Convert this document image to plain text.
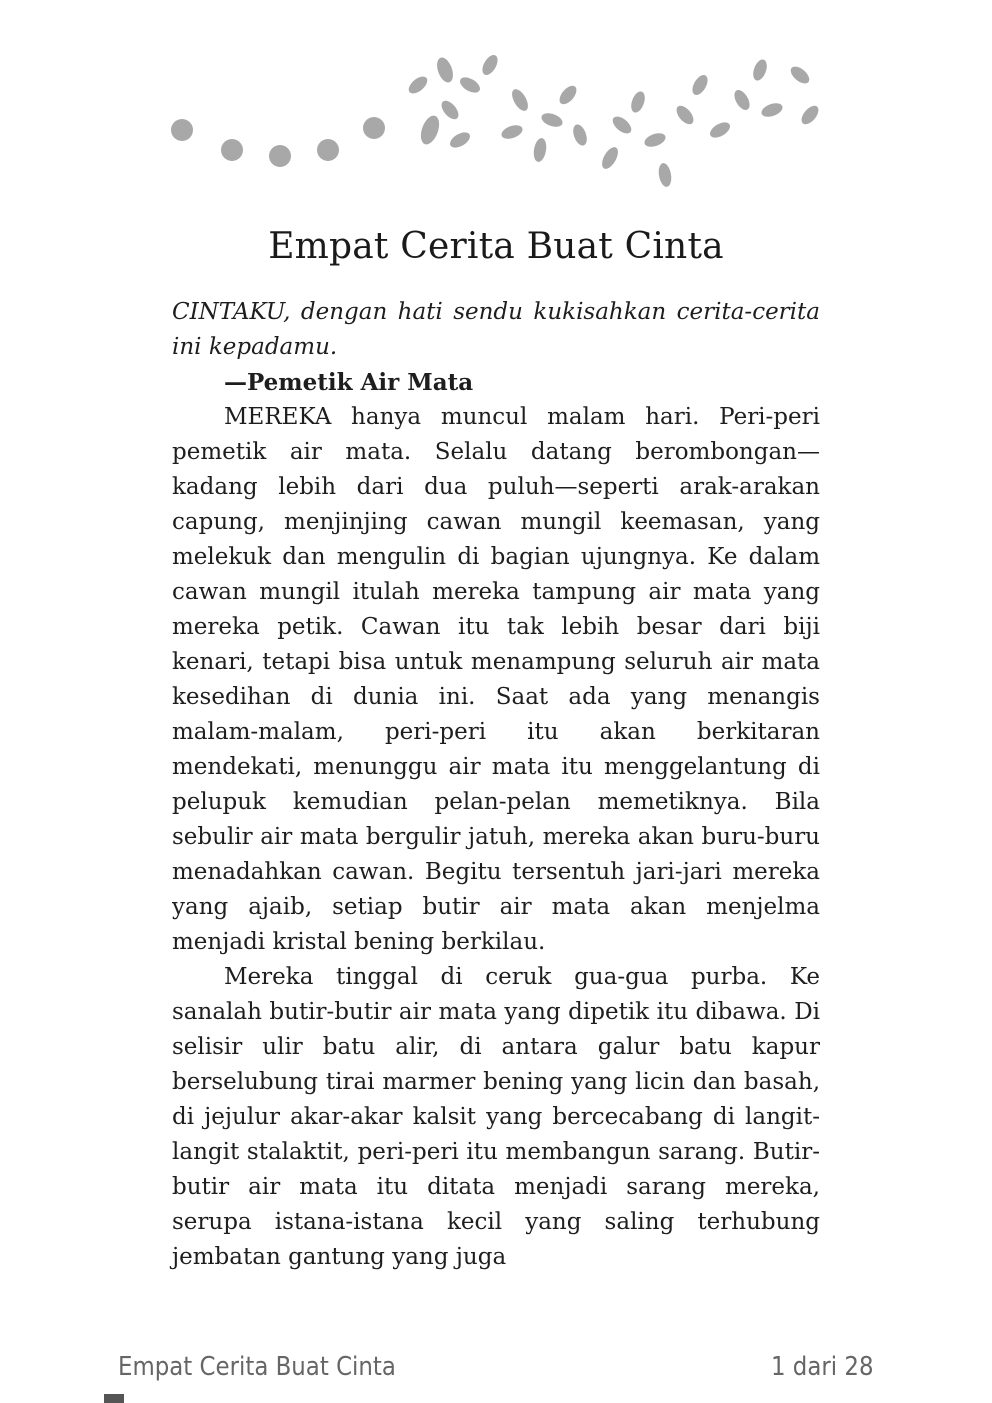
Empat Cerita Buat Cinta

CINTAKU, dengan hati sendu kukisahkan cerita-cerita ini kepadamu.

—Pemetik Air Mata

MEREKA hanya muncul malam hari. Peri-peri pemetik air mata. Selalu datang berombongan—kadang lebih dari dua puluh—seperti arak-arakan capung, menjinjing cawan mungil keemasan, yang melekuk dan mengulin di bagian ujungnya. Ke dalam cawan mungil itulah mereka tampung air mata yang mereka petik. Cawan itu tak lebih besar dari biji kenari, tetapi bisa untuk menampung seluruh air mata kesedihan di dunia ini. Saat ada yang menangis malam-malam, peri-peri itu akan berkitaran mendekati, menunggu air mata itu menggelantung di pelupuk kemudian pelan-pelan memetiknya. Bila sebulir air mata bergulir jatuh, mereka akan buru-buru menadahkan cawan. Begitu tersentuh jari-jari mereka yang ajaib, setiap butir air mata akan menjelma menjadi kristal bening berkilau.

Mereka tinggal di ceruk gua-gua purba. Ke sanalah butir-butir air mata yang dipetik itu dibawa. Di selisir ulir batu alir, di antara galur batu kapur berselubung tirai marmer bening yang licin dan basah, di jejulur akar-akar kalsit yang bercecabang di langit-langit stalaktit, peri-peri itu membangun sarang. Butir-butir air mata itu ditata menjadi sarang mereka, serupa istana-istana kecil yang saling terhubung jembatan gantung yang juga

Empat Cerita Buat Cinta	1 dari 28
